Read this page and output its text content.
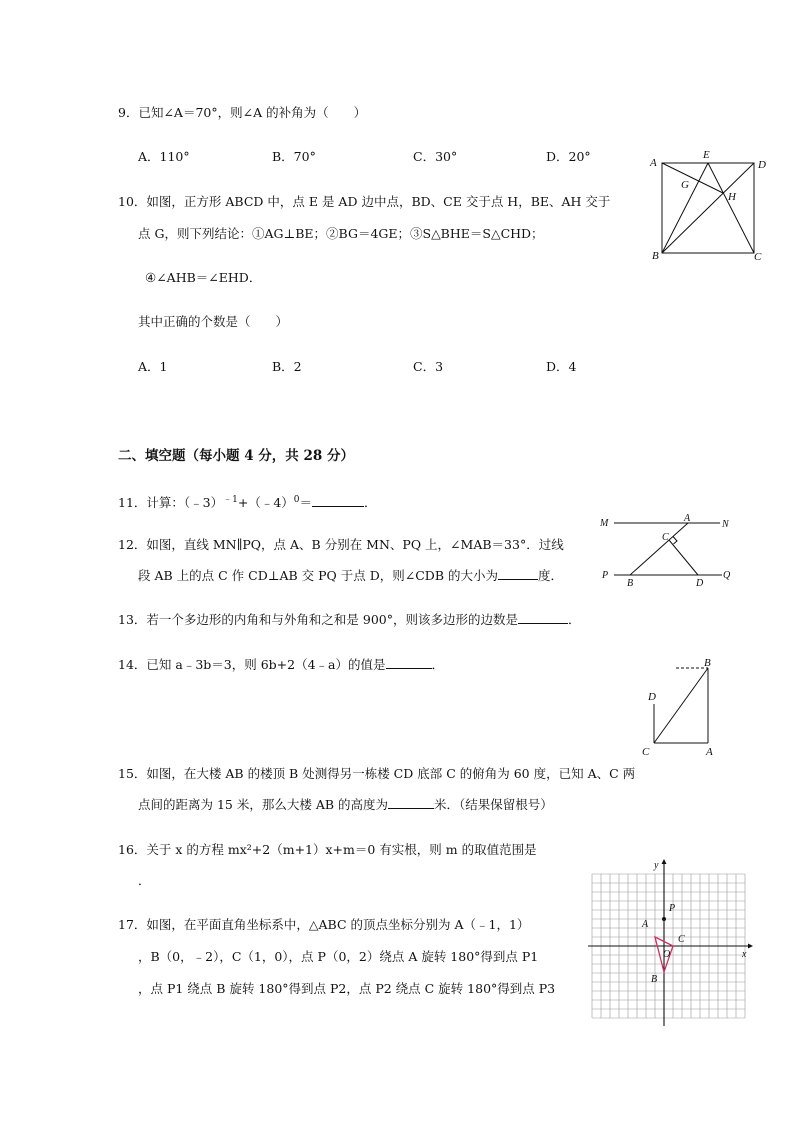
9．已知∠A＝70°，则∠A 的补角为（　　）
A．110°	B．70°	C．30°	D．20°
10．如图，正方形 ABCD 中，点 E 是 AD 边中点，BD、CE 交于点 H，BE、AH 交于
点 G，则下列结论：①AG⊥BE；②BG＝4GE；③S△BHE＝S△CHD；
④∠AHB＝∠EHD．
其中正确的个数是（　　）
A．1	B．2	C．3	D．4
A
E
D
G
H
B	C
二、填空题（每小题 4 分，共 28 分）
11．计算：（﹣3）$^{﹣1}$+（﹣4）$^0$＝	．
12．如图，直线 MN∥PQ，点 A、B 分别在 MN、PQ 上，∠MAB＝33°．过线
段 AB 上的点 C 作 CD⊥AB 交 PQ 于点 D，则∠CDB 的大小为	度．
M	A
N
C
P
B	D
Q
13．若一个多边形的内角和与外角和之和是 900°，则该多边形的边数是	．
14．已知 a﹣3b＝3，则 6b+2（4﹣a）的值是	．	B
D
C	A
15．如图，在大楼 AB 的楼顶 B 处测得另一栋楼 CD 底部 C 的俯角为 60 度，已知 A、C 两
点间的距离为 15 米，那么大楼 AB 的高度为	米．（结果保留根号）
16．关于 x 的方程 mx²+2（m+1）x+m＝0 有实根，则 m 的取值范围是
．
17．如图，在平面直角坐标系中，△ABC 的顶点坐标分别为 A（﹣1，1）
，B（0，﹣2），C（1，0），点 P（0，2）绕点 A 旋转 180°得到点 P1
，点 P1 绕点 B 旋转 180°得到点 P2，点 P2 绕点 C 旋转 180°得到点 P3
y
x
P
A
O
C
B
